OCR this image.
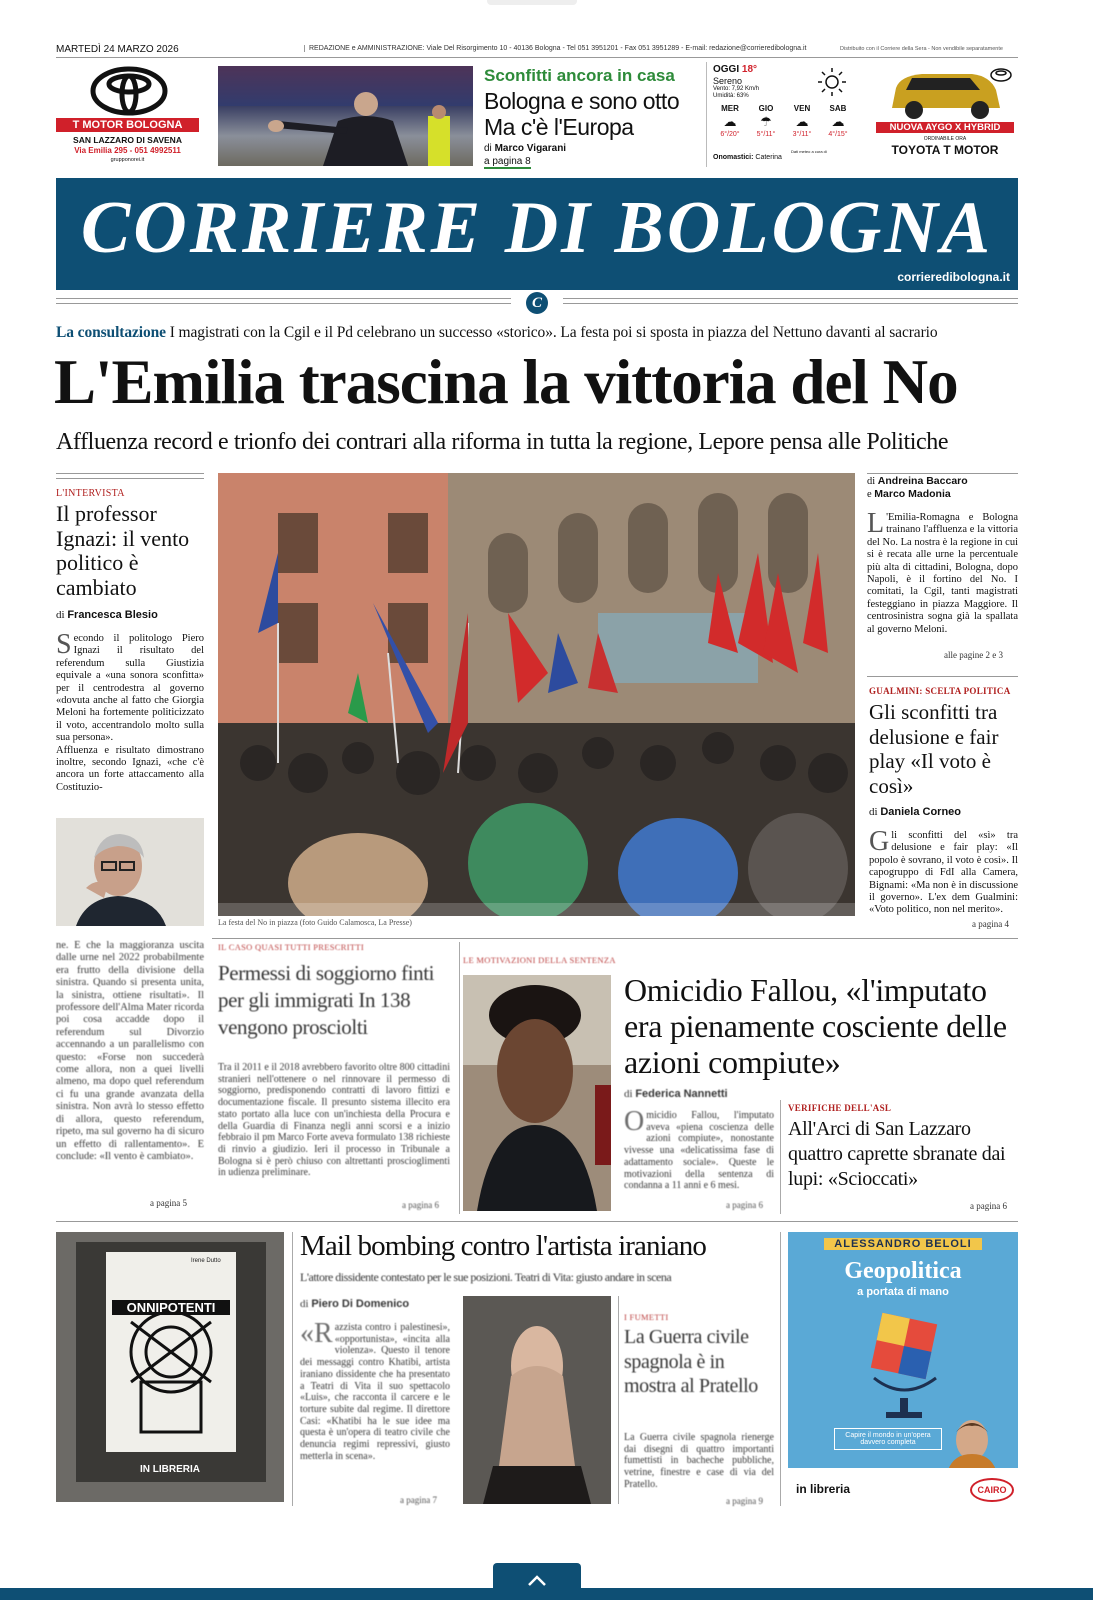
MARTEDÌ 24 MARZO 2026	REDAZIONE e AMMINISTRAZIONE: Viale Del Risorgimento 10 - 40136 Bologna - Tel 051 3951201 - Fax 051 3951289 - E-mail: redazione@corrieredibologna.it	Distribuito con il Corriere della Sera - Non vendibile separatamente
T MOTOR BOLOGNA
SAN LAZZARO DI SAVENA
Via Emilia 295 - 051 4992511
grupponorei.it
Sconfitti ancora in casa
Bologna e sono otto
Ma c'è l'Europa
di Marco Vigarani
a pagina 8
OGGI 18°
Sereno
Vento: 7,92 Km/h
Umidità: 63%
MER
☁
6°/20°
GIO
☂
5°/11°
VEN
☁
3°/11°
SAB
☁
4°/15°
Onomastici: Caterina
Dati meteo a cura di
NUOVA AYGO X HYBRID
ORDINABILE ORA
TOYOTA T MOTOR
CORRIERE DI BOLOGNA
corrieredibologna.it
C
La consultazione I magistrati con la Cgil e il Pd celebrano un successo «storico». La festa poi si sposta in piazza del Nettuno davanti al sacrario
L'Emilia trascina la vittoria del No
Affluenza record e trionfo dei contrari alla riforma in tutta la regione, Lepore pensa alle Politiche
L'INTERVISTA
Il professor Ignazi: il vento politico è cambiato
di Francesca Blesio
Secondo il politologo Piero Ignazi il risultato del referendum sulla Giustizia equivale a «una sonora sconfitta» per il centrodestra al governo «dovuta anche al fatto che Giorgia Meloni ha fortemente politicizzato il voto, accentrandolo molto sulla sua persona».
Affluenza e risultato dimostrano inoltre, secondo Ignazi, «che c'è ancora un forte attaccamento alla Costituzio-
ne. E che la maggioranza uscita dalle urne nel 2022 probabilmente era frutto della divisione della sinistra. Quando si presenta unita, la sinistra, ottiene risultati». Il professore dell'Alma Mater ricorda poi cosa accadde dopo il referendum sul Divorzio accennando a un parallelismo con questo: «Forse non succederà come allora, non a quei livelli almeno, ma dopo quel referendum ci fu una grande avanzata della sinistra. Non avrà lo stesso effetto di allora, questo referendum, ripeto, ma sul governo ha di sicuro un effetto di rallentamento». E conclude: «Il vento è cambiato».
a pagina 5
La festa del No in piazza (foto Guido Calamosca, La Presse)
di Andreina Baccaro
e Marco Madonia
L 'Emilia-Romagna e Bologna trainano l'affluenza e la vittoria del No. La nostra è la regione in cui si è recata alle urne la percentuale più alta di cittadini, Bologna, dopo Napoli, è il fortino del No. I comitati, la Cgil, tanti magistrati festeggiano in piazza Maggiore. Il centrosinistra sogna già la spallata al governo Meloni.
alle pagine 2 e 3
GUALMINI: SCELTA POLITICA
Gli sconfitti tra delusione e fair play «Il voto è così»
di Daniela Corneo
Gli sconfitti del «sì» tra delusione e fair play: «Il popolo è sovrano, il voto è così». Il capogruppo di FdI alla Camera, Bignami: «Ma non è in discussione il governo». L'ex dem Gualmini: «Voto politico, non nel merito».
a pagina 4
IL CASO QUASI TUTTI PRESCRITTI
Permessi di soggiorno finti per gli immigrati In 138 vengono prosciolti
Tra il 2011 e il 2018 avrebbero favorito oltre 800 cittadini stranieri nell'ottenere o nel rinnovare il permesso di soggiorno, predisponendo contratti di lavoro fittizi e documentazione fiscale. Il presunto sistema illecito era stato portato alla luce con un'inchiesta della Procura e della Guardia di Finanza negli anni scorsi e a inizio febbraio il pm Marco Forte aveva formulato 138 richieste di rinvio a giudizio. Ieri il processo in Tribunale a Bologna si è però chiuso con altrettanti proscioglimenti in udienza preliminare.
a pagina 6
LE MOTIVAZIONI DELLA SENTENZA
Omicidio Fallou, «l'imputato era pienamente cosciente delle azioni compiute»
di Federica Nannetti
Omicidio Fallou, l'imputato aveva «piena coscienza delle azioni compiute», nonostante vivesse una «delicatissima fase di adattamento sociale». Queste le motivazioni della sentenza di condanna a 11 anni e 6 mesi.
a pagina 6
VERIFICHE DELL'ASL
All'Arci di San Lazzaro quattro caprette sbranate dai lupi: «Scioccati»
a pagina 6
Irene Dutto
ONNIPOTENTI
IN LIBRERIA
Mail bombing contro l'artista iraniano
L'attore dissidente contestato per le sue posizioni. Teatri di Vita: giusto andare in scena
di Piero Di Domenico
«Razzista contro i palestinesi», «opportunista», «incita alla violenza». Questo il tenore dei messaggi contro Khatibi, artista iraniano dissidente che ha presentato a Teatri di Vita il suo spettacolo «Luis», che racconta il carcere e le torture subite dal regime. Il direttore Casi: «Khatibi ha le sue idee ma questa è un'opera di teatro civile che denuncia regimi repressivi, giusto metterla in scena».
a pagina 7
I FUMETTI
La Guerra civile spagnola è in mostra al Pratello
La Guerra civile spagnola rienerge dai disegni di quattro importanti fumettisti in bacheche pubbliche, vetrine, finestre e case di via del Pratello.
a pagina 9
ALESSANDRO BELOLI
Geopolitica
a portata di mano
Capire il mondo in un'opera davvero completa
in libreria	CAIRO
